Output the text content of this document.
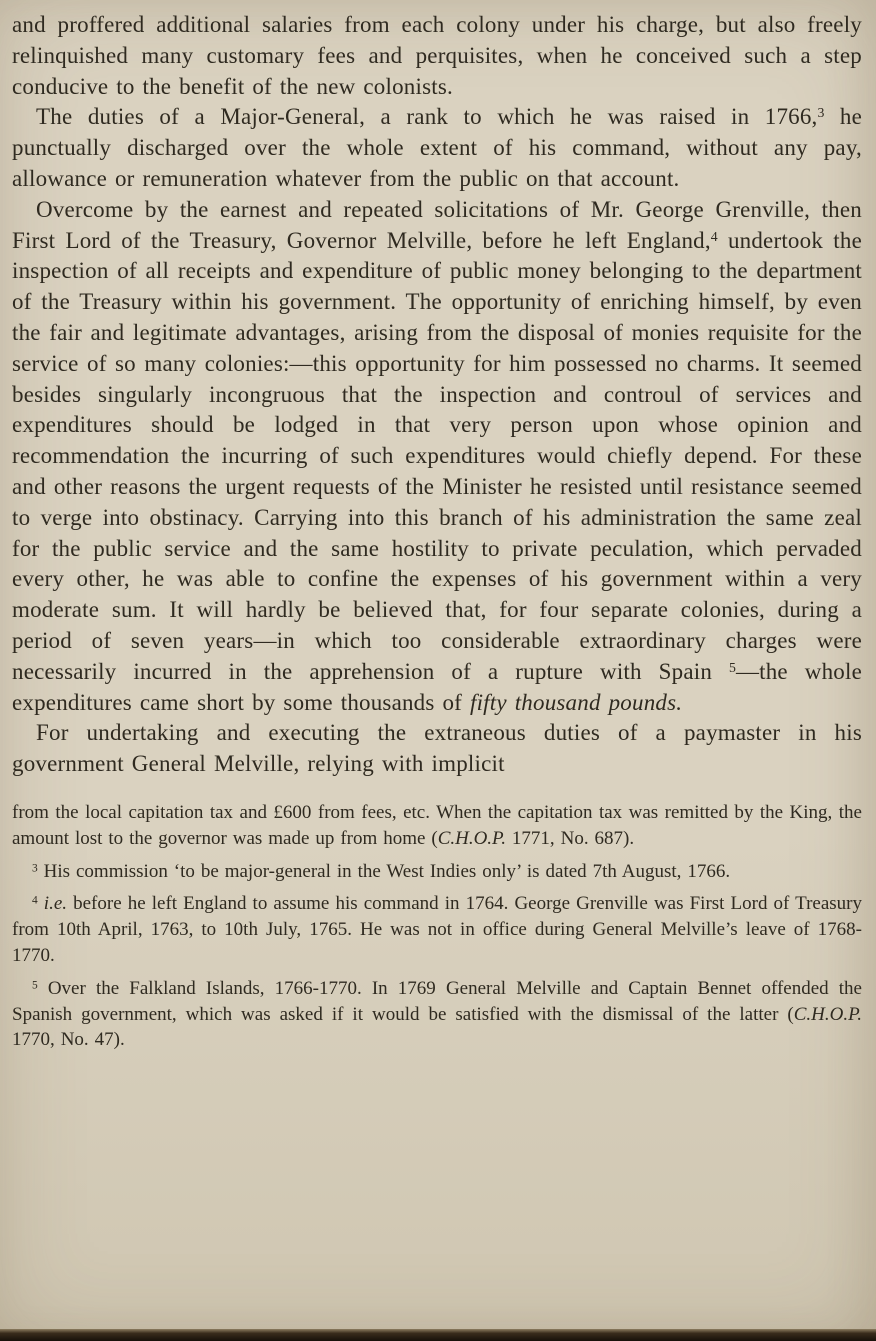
and proffered additional salaries from each colony under his charge, but also freely relinquished many customary fees and perquisites, when he conceived such a step conducive to the benefit of the new colonists.

The duties of a Major-General, a rank to which he was raised in 1766,$^3$ he punctually discharged over the whole extent of his command, without any pay, allowance or remuneration whatever from the public on that account.

Overcome by the earnest and repeated solicitations of Mr. George Grenville, then First Lord of the Treasury, Governor Melville, before he left England,$^4$ undertook the inspection of all receipts and expenditure of public money belonging to the department of the Treasury within his government. The opportunity of enriching himself, by even the fair and legitimate advantages, arising from the disposal of monies requisite for the service of so many colonies:—this opportunity for him possessed no charms. It seemed besides singularly incongruous that the inspection and controul of services and expenditures should be lodged in that very person upon whose opinion and recommendation the incurring of such expenditures would chiefly depend. For these and other reasons the urgent requests of the Minister he resisted until resistance seemed to verge into obstinacy. Carrying into this branch of his administration the same zeal for the public service and the same hostility to private peculation, which pervaded every other, he was able to confine the expenses of his government within a very moderate sum. It will hardly be believed that, for four separate colonies, during a period of seven years—in which too considerable extraordinary charges were necessarily incurred in the apprehension of a rupture with Spain $^5$—the whole expenditures came short by some thousands of fifty thousand pounds.

For undertaking and executing the extraneous duties of a paymaster in his government General Melville, relying with implicit

from the local capitation tax and £600 from fees, etc. When the capitation tax was remitted by the King, the amount lost to the governor was made up from home (C.H.O.P. 1771, No. 687).

$^3$ His commission ‘to be major-general in the West Indies only’ is dated 7th August, 1766.

$^4$ i.e. before he left England to assume his command in 1764. George Grenville was First Lord of Treasury from 10th April, 1763, to 10th July, 1765. He was not in office during General Melville’s leave of 1768-1770.

$^5$ Over the Falkland Islands, 1766-1770. In 1769 General Melville and Captain Bennet offended the Spanish government, which was asked if it would be satisfied with the dismissal of the latter (C.H.O.P. 1770, No. 47).
